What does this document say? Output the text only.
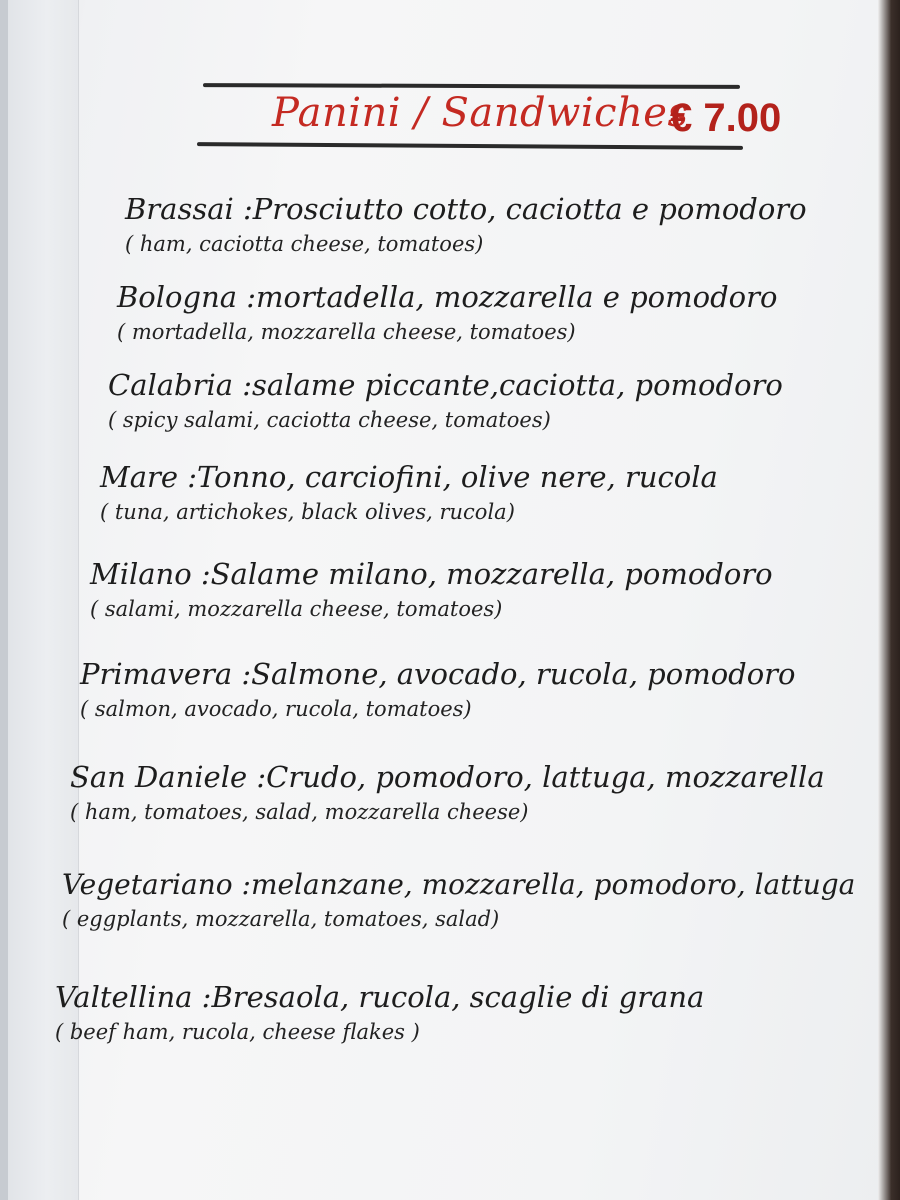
Panini / Sandwiches
€ 7.00
Brassai :Prosciutto cotto, caciotta e pomodoro
( ham, caciotta cheese, tomatoes)
Bologna :mortadella, mozzarella e pomodoro
( mortadella, mozzarella cheese, tomatoes)
Calabria :salame piccante,caciotta, pomodoro
( spicy salami, caciotta cheese, tomatoes)
Mare :Tonno, carciofini, olive nere, rucola
( tuna, artichokes, black olives, rucola)
Milano :Salame milano, mozzarella, pomodoro
( salami, mozzarella cheese, tomatoes)
Primavera :Salmone, avocado, rucola, pomodoro
( salmon, avocado, rucola, tomatoes)
San Daniele :Crudo, pomodoro, lattuga, mozzarella
( ham, tomatoes, salad, mozzarella cheese)
Vegetariano :melanzane, mozzarella, pomodoro, lattuga
( eggplants, mozzarella, tomatoes, salad)
Valtellina :Bresaola, rucola, scaglie di grana
( beef ham, rucola, cheese flakes )
